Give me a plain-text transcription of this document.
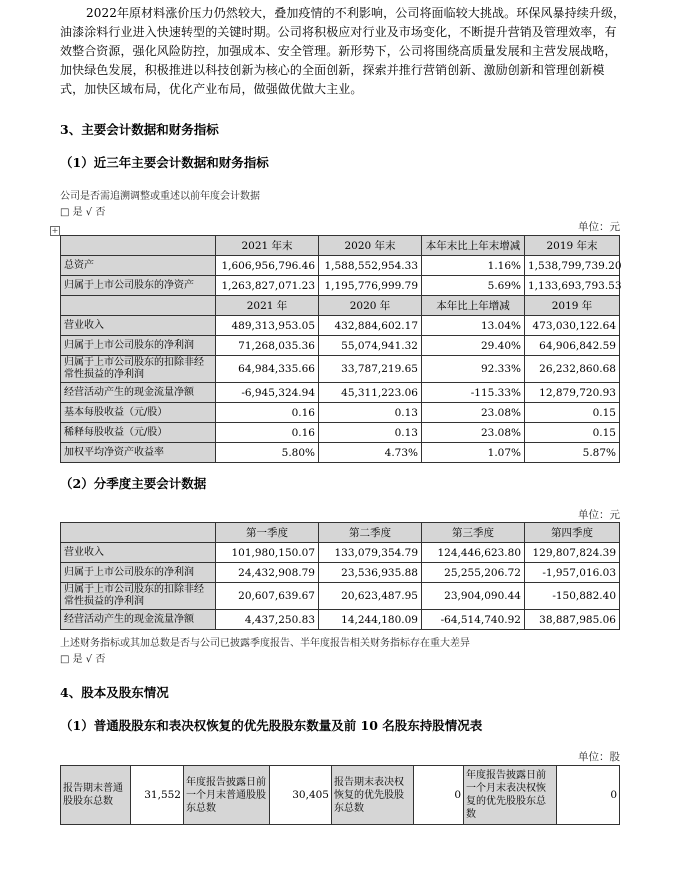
2022年原材料涨价压力仍然较大，叠加疫情的不利影响，公司将面临较大挑战。环保风暴持续升级，油漆涂料行业进入快速转型的关键时期。公司将积极应对行业及市场变化，不断提升营销及管理效率，有效整合资源，强化风险防控，加强成本、安全管理。新形势下，公司将围绕高质量发展和主营发展战略，加快绿色发展，积极推进以科技创新为核心的全面创新，探索并推行营销创新、激励创新和管理创新模式，加快区域布局，优化产业布局，做强做优做大主业。
3、主要会计数据和财务指标
（1）近三年主要会计数据和财务指标
公司是否需追溯调整或重述以前年度会计数据
□ 是 √ 否
单位：元
+
	2021 年末	2020 年末	本年末比上年末增减	2019 年末
总资产	1,606,956,796.46	1,588,552,954.33	1.16%	1,538,799,739.20
归属于上市公司股东的净资产	1,263,827,071.23	1,195,776,999.79	5.69%	1,133,693,793.53
	2021 年	2020 年	本年比上年增减	2019 年
营业收入	489,313,953.05	432,884,602.17	13.04%	473,030,122.64
归属于上市公司股东的净利润	71,268,035.36	55,074,941.32	29.40%	64,906,842.59
归属于上市公司股东的扣除非经常性损益的净利润	64,984,335.66	33,787,219.65	92.33%	26,232,860.68
经营活动产生的现金流量净额	-6,945,324.94	45,311,223.06	-115.33%	12,879,720.93
基本每股收益（元/股）	0.16	0.13	23.08%	0.15
稀释每股收益（元/股）	0.16	0.13	23.08%	0.15
加权平均净资产收益率	5.80%	4.73%	1.07%	5.87%
（2）分季度主要会计数据
单位：元
	第一季度	第二季度	第三季度	第四季度
营业收入	101,980,150.07	133,079,354.79	124,446,623.80	129,807,824.39
归属于上市公司股东的净利润	24,432,908.79	23,536,935.88	25,255,206.72	-1,957,016.03
归属于上市公司股东的扣除非经常性损益的净利润	20,607,639.67	20,623,487.95	23,904,090.44	-150,882.40
经营活动产生的现金流量净额	4,437,250.83	14,244,180.09	-64,514,740.92	38,887,985.06
上述财务指标或其加总数是否与公司已披露季度报告、半年度报告相关财务指标存在重大差异
□ 是 √ 否
4、股本及股东情况
（1）普通股股东和表决权恢复的优先股股东数量及前 10 名股东持股情况表
单位：股
报告期末普通股股东总数	31,552	年度报告披露日前一个月末普通股股东总数	30,405	报告期末表决权恢复的优先股股东总数	0	年度报告披露日前一个月末表决权恢复的优先股股东总数	0
